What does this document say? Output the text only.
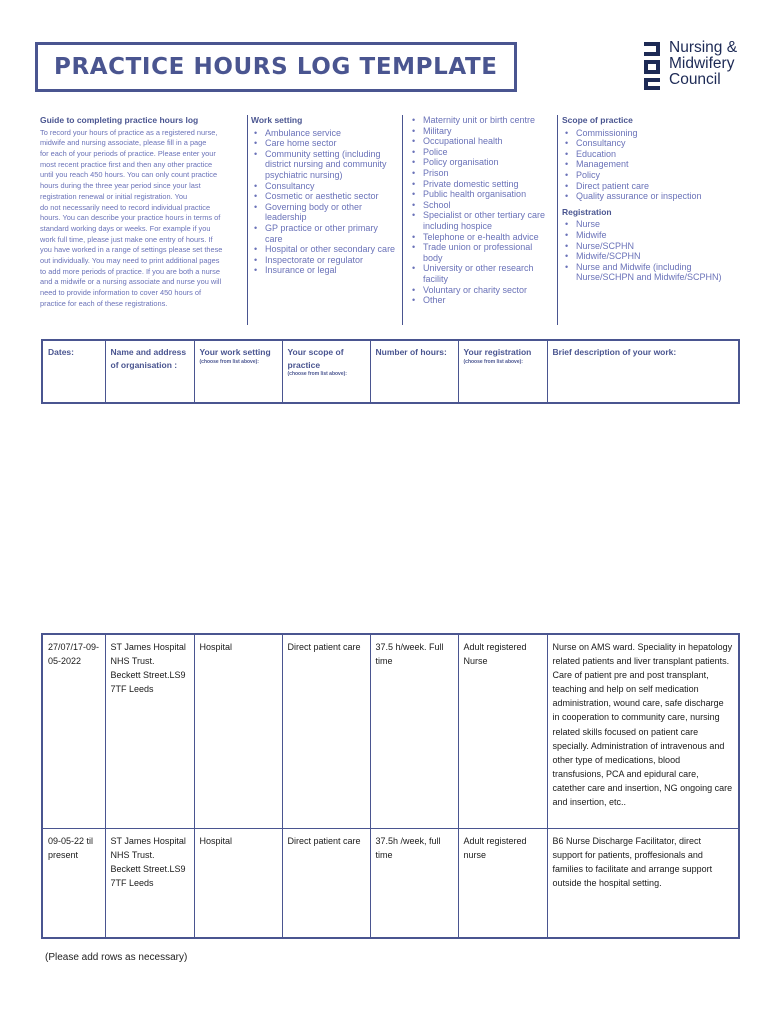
PRACTICE HOURS LOG TEMPLATE
Nursing &
Midwifery
Council
Guide to completing practice hours log

To record your hours of practice as a registered nurse,
midwife and nursing associate, please fill in a page
for each of your periods of practice. Please enter your
most recent practice first and then any other practice
until you reach 450 hours. You can only count practice
hours during the three year period since your last
registration renewal or initial registration. You
do not necessarily need to record individual practice
hours. You can describe your practice hours in terms of
standard working days or weeks. For example if you
work full time, please just make one entry of hours. If
you have worked in a range of settings please set these
out individually. You may need to print additional pages
to add more periods of practice. If you are both a nurse
and a midwife or a nursing associate and nurse you will
need to provide information to cover 450 hours of
practice for each of these registrations.

Work setting
• Ambulance service
• Care home sector
• Community setting (including district nursing and community psychiatric nursing)
• Consultancy
• Cosmetic or aesthetic sector
• Governing body or other leadership
• GP practice or other primary care
• Hospital or other secondary care
• Inspectorate or regulator
• Insurance or legal
• Maternity unit or birth centre
• Military
• Occupational health
• Police
• Policy organisation
• Prison
• Private domestic setting
• Public health organisation
• School
• Specialist or other tertiary care including hospice
• Telephone or e-health advice
• Trade union or professional body
• University or other research facility
• Voluntary or charity sector
• Other
Scope of practice
• Commissioning
• Consultancy
• Education
• Management
• Policy
• Direct patient care
• Quality assurance or inspection
Registration
• Nurse
• Midwife
• Nurse/SCPHN
• Midwife/SCPHN
• Nurse and Midwife (including Nurse/SCHPN and Midwife/SCPHN)
Dates:	Name and address of organisation :	Your work setting
(choose from list above):
	Your scope of practice
(choose from list above):
	Number of hours:	Your registration
(choose from list above):
	Brief description of your work:
27/07/17-09-05-2022	ST James Hospital NHS Trust.
Beckett Street.LS9 7TF Leeds	Hospital	Direct patient care	37.5 h/week. Full time	Adult registered Nurse	Nurse on AMS ward. Speciality in hepatology related patients and liver transplant patients. Care of patient pre and post transplant, teaching and help on self medication administration, wound care, safe discharge in cooperation to community care, nursing related skills focused on patient care specially. Administration of intravenous and other type of medications, blood transfusions, PCA and epidural care, catether care and insertion, NG ongoing care and insertion, etc..
09-05-22 til present	ST James Hospital NHS Trust.
Beckett Street.LS9 7TF Leeds	Hospital	Direct patient care	37.5h /week, full time	Adult registered nurse	B6 Nurse Discharge Facilitator, direct support for patients, proffesionals and families to facilitate and arrange support outside the hospital setting.
(Please add rows as necessary)
